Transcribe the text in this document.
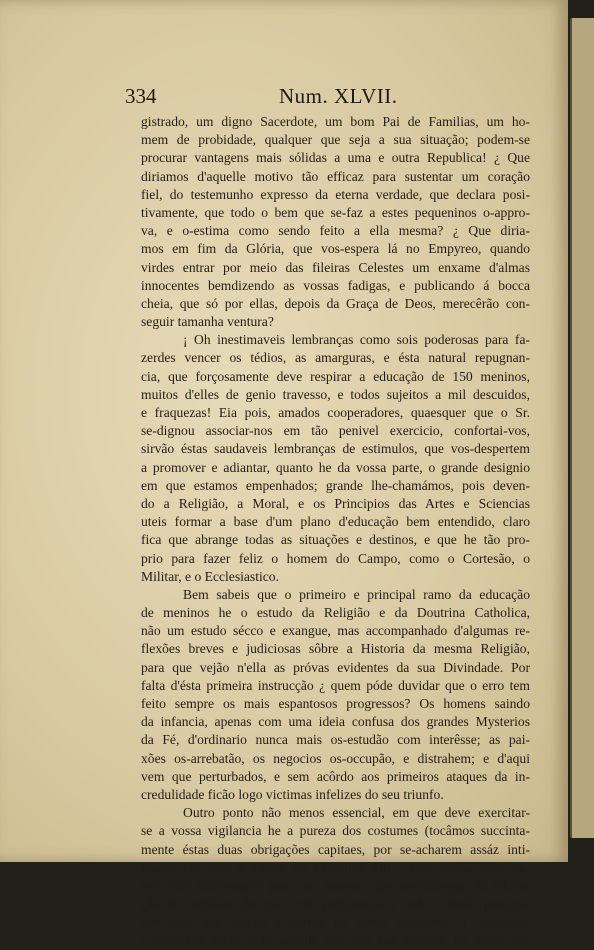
334	Num. XLVII.
gistrado, um digno Sacerdote, um bom Pai de Familias, um ho-
mem de probidade, qualquer que seja a sua situação; podem-se
procurar vantagens mais sólidas a uma e outra Republica! ¿ Que
diriamos d'aquelle motivo tão efficaz para sustentar um coração
fiel, do testemunho expresso da eterna verdade, que declara posi-
tivamente, que todo o bem que se-faz a estes pequeninos o-appro-
va, e o-estima como sendo feito a ella mesma? ¿ Que diria-
mos em fim da Glória, que vos-espera lá no Empyreo, quando
virdes entrar por meio das fileiras Celestes um enxame d'almas
innocentes bemdizendo as vossas fadigas, e publicando á bocca
cheia, que só por ellas, depois da Graça de Deos, merecêrão con-
seguir tamanha ventura?
¡ Oh inestimaveis lembranças como sois poderosas para fa-
zerdes vencer os tédios, as amarguras, e ésta natural repugnan-
cia, que forçosamente deve respirar a educação de 150 meninos,
muitos d'elles de genio travesso, e todos sujeitos a mil descuidos,
e fraquezas! Eia pois, amados cooperadores, quaesquer que o Sr.
se-dignou associar-nos em tão penivel exercicio, confortai-vos,
sirvão éstas saudaveis lembranças de estimulos, que vos-despertem
a promover e adiantar, quanto he da vossa parte, o grande designio
em que estamos empenhados; grande lhe-chamámos, pois deven-
do a Religião, a Moral, e os Principios das Artes e Sciencias
uteis formar a base d'um plano d'educação bem entendido, claro
fica que abrange todas as situações e destinos, e que he tão pro-
prio para fazer feliz o homem do Campo, como o Cortesão, o
Militar, e o Ecclesiastico.
Bem sabeis que o primeiro e principal ramo da educação
de meninos he o estudo da Religião e da Doutrina Catholica,
não um estudo sécco e exangue, mas accompanhado d'algumas re-
flexões breves e judiciosas sôbre a Historia da mesma Religião,
para que vejão n'ella as próvas evidentes da sua Divindade. Por
falta d'ésta primeira instrucção ¿ quem póde duvidar que o erro tem
feito sempre os mais espantosos progressos? Os homens saindo
da infancia, apenas com uma ideia confusa dos grandes Mysterios
da Fé, d'ordinario nunca mais os-estudão com interêsse; as pai-
xões os-arrebatão, os negocios os-occupão, e distrahem; e d'aqui
vem que perturbados, e sem acôrdo aos primeiros ataques da in-
credulidade ficão logo victimas infelizes do seu triunfo.
Outro ponto não menos essencial, em que deve exercitar-
se a vossa vigilancia he a pureza dos costumes (tocâmos succinta-
mente éstas duas obrigações capitaes, por se-acharem assáz inti-
madas em todo o Corpo do Estatuto) Ah! ¿ Que cousa póde ha-
ver mais interessante para um homem que se-encarrega da educa-
ção de meninos, do que, com preferencia a tudo o mais, procurar
que elles não percão a pureza do Santo Baptismo? ¡ Desgraça!
¡ Desgraça sôbre todo aquelle que por sua malicia, ou ainda por
